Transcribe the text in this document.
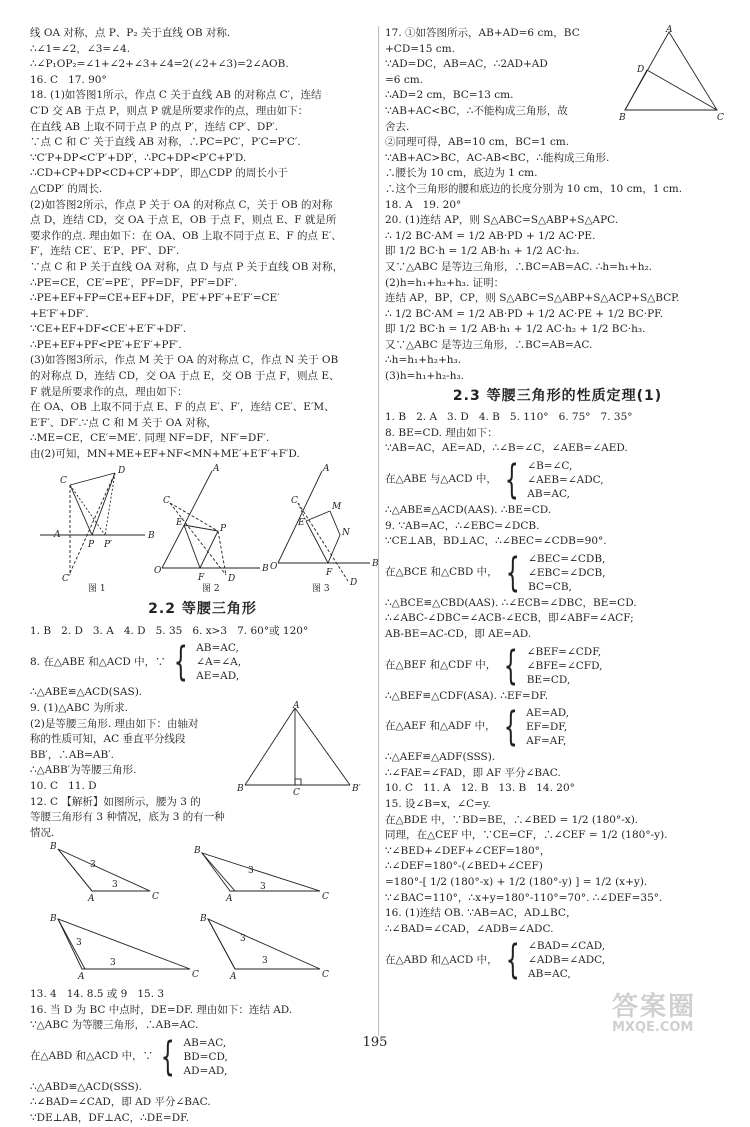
线 OA 对称，点 P、P₂ 关于直线 OB 对称.
∴∠1=∠2，∠3=∠4.
∴∠P₁OP₂=∠1+∠2+∠3+∠4=2(∠2+∠3)=2∠AOB.
16. C   17. 90°
18. (1)如答图1所示，作点 C 关于直线 AB 的对称点 C′，连结
C′D 交 AB 于点 P，则点 P 就是所要求作的点，理由如下：
在直线 AB 上取不同于点 P 的点 P′，连结 CP′、DP′.
∵点 C 和 C′ 关于直线 AB 对称，∴PC=PC′，P′C=P′C′.
∵C′P+DP<C′P′+DP′，∴PC+DP<P′C+P′D.
∴CD+CP+DP<CD+CP′+DP′，即△CDP 的周长小于
△CDP′ 的周长.
(2)如答图2所示，作点 P 关于 OA 的对称点 C，关于 OB 的对称
点 D，连结 CD，交 OA 于点 E，OB 于点 F，则点 E、F 就是所
要求作的点. 理由如下：在 OA、OB 上取不同于点 E、F 的点 E′、
F′，连结 CE′、E′P、PF′、DF′.
∵点 C 和 P 关于直线 OA 对称，点 D 与点 P 关于直线 OB 对称，
∴PE=CE，CE′=PE′，PF=DF，PF′=DF′.
∴PE+EF+FP=CE+EF+DF，PE′+PF′+E′F′=CE′
+E′F′+DF′.
∵CE+EF+DF<CE′+E′F′+DF′.
∴PE+EF+PF<PE′+E′F′+PF′.
(3)如答图3所示，作点 M 关于 OA 的对称点 C，作点 N 关于 OB
的对称点 D，连结 CD，交 OA 于点 E，交 OB 于点 F，则点 E、
F 就是所要求作的点，理由如下：
在 OA、OB 上取不同于点 E、F 的点 E′、F′，连结 CE′、E′M、
E′F′、DF′.∵点 C 和 M 关于 OA 对称，
∴ME=CE，CE′=ME′. 同理 NF=DF，NF′=DF′.
由(2)可知，MN+ME+EF+NF<MN+ME′+E′F′+F′D.
A	B
C
D
P P′
C′
A
B
O
C
P
E
F	D
A
B
O
C
M
N
E
F
D
图 1	图 2	图 3
2.2 等腰三角形
1. B   2. D   3. A   4. D   5. 35   6. x>3   7. 60°或 120°
8. 在△ABE 和△ACD 中，∵ { AB=AC,
∠A=∠A,
AE=AD,
∴△ABE≌△ACD(SAS).
9. (1)△ABC 为所求.
(2)是等腰三角形. 理由如下：由轴对
称的性质可知，AC 垂直平分线段
BB′，∴AB=AB′.
∴△ABB′为等腰三角形.
10. C   11. D
12. C 【解析】如图所示，腰为 3 的
等腰三角形有 3 种情况，底为 3 的有一种情况.
A
B	C	B′
B
A	C
3
3
B
A	C
3
3
B
A	C
3
3
B
A	C
3
3
13. 4   14. 8.5 或 9   15. 3
16. 当 D 为 BC 中点时，DE=DF. 理由如下：连结 AD.
∵△ABC 为等腰三角形，∴AB=AC.
在△ABD 和△ACD 中，∵ { AB=AC,
BD=CD,
AD=AD,
∴△ABD≌△ACD(SSS).
∴∠BAD=∠CAD，即 AD 平分∠BAC.
∵DE⊥AB，DF⊥AC，∴DE=DF.
A
D
B	C
17. ①如答图所示，AB+AD=6 cm，BC
+CD=15 cm.
∵AD=DC，AB=AC，∴2AD+AD
=6 cm.
∴AD=2 cm，BC=13 cm.
∵AB+AC<BC，∴不能构成三角形，故
舍去.
②同理可得，AB=10 cm，BC=1 cm.
∵AB+AC>BC，AC-AB<BC，∴能构成三角形.
∴腰长为 10 cm，底边为 1 cm.
∴这个三角形的腰和底边的长度分别为 10 cm，10 cm，1 cm.
18. A   19. 20°
20. (1)连结 AP，则 S△ABC=S△ABP+S△APC.
∴ 1/2 BC·AM = 1/2 AB·PD + 1/2 AC·PE.
即 1/2 BC·h = 1/2 AB·h₁ + 1/2 AC·h₂.
又∵△ABC 是等边三角形，∴BC=AB=AC. ∴h=h₁+h₂.
(2)h=h₁+h₂+h₃. 证明：
连结 AP，BP，CP，则 S△ABC=S△ABP+S△ACP+S△BCP.
∴ 1/2 BC·AM = 1/2 AB·PD + 1/2 AC·PE + 1/2 BC·PF.
即 1/2 BC·h = 1/2 AB·h₁ + 1/2 AC·h₂ + 1/2 BC·h₃.
又∵△ABC 是等边三角形，∴BC=AB=AC.
∴h=h₁+h₂+h₃.
(3)h=h₁+h₂-h₃.
2.3 等腰三角形的性质定理(1)
1. B   2. A   3. D   4. B   5. 110°   6. 75°   7. 35°
8. BE=CD. 理由如下：
∵AB=AC，AE=AD，∴∠B=∠C，∠AEB=∠AED.
在△ABE 与△ACD 中， { ∠B=∠C,
∠AEB=∠ADC,
AB=AC,
∴△ABE≌△ACD(AAS). ∴BE=CD.
9. ∵AB=AC，∴∠EBC=∠DCB.
∵CE⊥AB，BD⊥AC，∴∠BEC=∠CDB=90°.
在△BCE 和△CBD 中， { ∠BEC=∠CDB,
∠EBC=∠DCB,
BC=CB,
∴△BCE≌△CBD(AAS). ∴∠ECB=∠DBC，BE=CD.
∴∠ABC-∠DBC=∠ACB-∠ECB，即∠ABF=∠ACF;
AB-BE=AC-CD，即 AE=AD.
在△BEF 和△CDF 中， { ∠BEF=∠CDF,
∠BFE=∠CFD,
BE=CD,
∴△BEF≌△CDF(ASA). ∴EF=DF.
在△AEF 和△ADF 中， { AE=AD,
EF=DF,
AF=AF,
∴△AEF≌△ADF(SSS).
∴∠FAE=∠FAD，即 AF 平分∠BAC.
10. C   11. A   12. B   13. B   14. 20°
15. 设∠B=x，∠C=y.
在△BDE 中，∵BD=BE，∴∠BED = 1/2 (180°-x).
同理，在△CEF 中，∵CE=CF，∴∠CEF = 1/2 (180°-y).
∵∠BED+∠DEF+∠CEF=180°，
∴∠DEF=180°-(∠BED+∠CEF)
=180°-[ 1/2 (180°-x) + 1/2 (180°-y) ] = 1/2 (x+y).
∵∠BAC=110°，∴x+y=180°-110°=70°. ∴∠DEF=35°.
16. (1)连结 OB. ∵AB=AC，AD⊥BC，
∴∠BAD=∠CAD，∠ADB=∠ADC.
在△ABD 和△ACD 中， { ∠BAD=∠CAD,
∠ADB=∠ADC,
AB=AC,
195
答案圈
MXQE.COM
